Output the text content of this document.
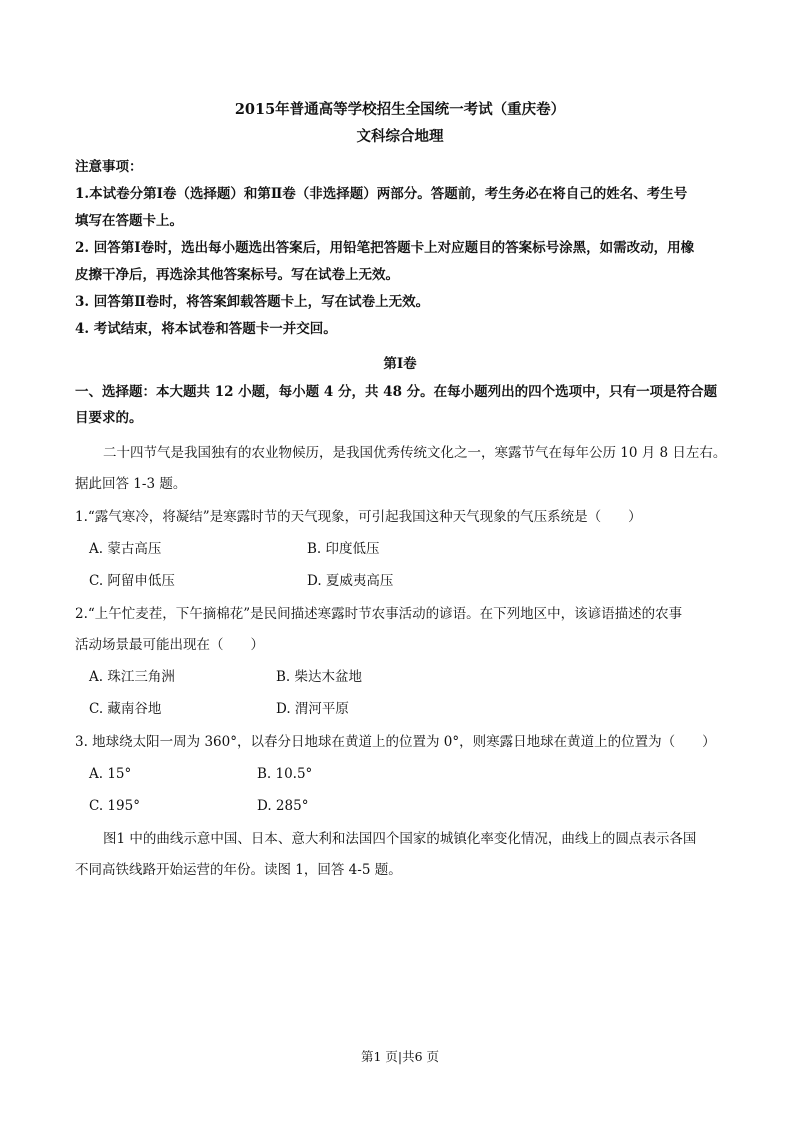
2015年普通高等学校招生全国统一考试（重庆卷）
文科综合地理
注意事项：
1.本试卷分第Ⅰ卷（选择题）和第Ⅱ卷（非选择题）两部分。答题前，考生务必在将自己的姓名、考生号
填写在答题卡上。
2. 回答第Ⅰ卷时，选出每小题选出答案后，用铅笔把答题卡上对应题目的答案标号涂黑，如需改动，用橡
皮擦干净后，再选涂其他答案标号。写在试卷上无效。
3. 回答第Ⅱ卷时，将答案卸载答题卡上，写在试卷上无效。
4. 考试结束，将本试卷和答题卡一并交回。
第Ⅰ卷
一、选择题：本大题共 12 小题，每小题 4 分，共 48 分。在每小题列出的四个选项中，只有一项是符合题
目要求的。
二十四节气是我国独有的农业物候历，是我国优秀传统文化之一，寒露节气在每年公历 10 月 8 日左右。
据此回答 1-3 题。
1.“露气寒冷，将凝结”是寒露时节的天气现象，可引起我国这种天气现象的气压系统是（　　）
A. 蒙古高压	B. 印度低压
C. 阿留申低压	D. 夏威夷高压
2.“上午忙麦茬，下午摘棉花”是民间描述寒露时节农事活动的谚语。在下列地区中，该谚语描述的农事
活动场景最可能出现在（　　）
A. 珠江三角洲	B. 柴达木盆地
C. 藏南谷地	D. 渭河平原
3. 地球绕太阳一周为 360°，以春分日地球在黄道上的位置为 0°，则寒露日地球在黄道上的位置为（　　）
A. 15°	B. 10.5°
C. 195°	D. 285°
图1 中的曲线示意中国、日本、意大利和法国四个国家的城镇化率变化情况，曲线上的圆点表示各国
不同高铁线路开始运营的年份。读图 1，回答 4-5 题。
第1 页|共6 页
